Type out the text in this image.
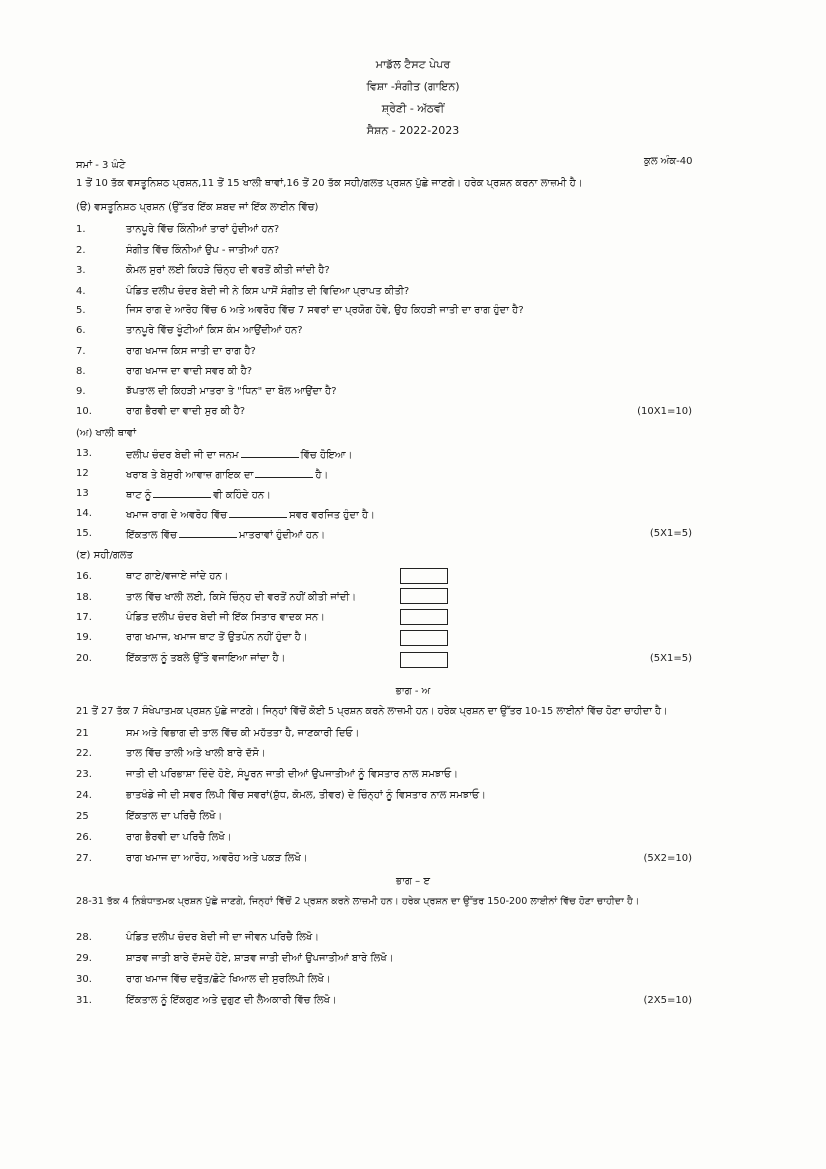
ਮਾਡੱਲ ਟੈਸਟ ਪੇਪਰ
ਵਿਸ਼ਾ -ਸੰਗੀਤ (ਗਾਇਨ)
ਸ਼੍ਰੇਣੀ - ਅੱਠਵੀਂ
ਸੈਸ਼ਨ - 2022-2023
ਸਮਾਂ - 3 ਘੰਟੇ	ਕੁਲ ਅੰਕ-40
1 ਤੋਂ 10 ਤੱਕ ਵਸਤੂਨਿਸ਼ਠ ਪ੍ਰਸ਼ਨ,11 ਤੋਂ 15 ਖਾਲੀ ਥਾਵਾਂ,16 ਤੋਂ 20 ਤੱਕ ਸਹੀ/ਗਲਤ ਪ੍ਰਸ਼ਨ ਪੁੱਛੇ ਜਾਣਗੇ। ਹਰੇਕ ਪ੍ਰਸ਼ਨ ਕਰਨਾ ਲਾਜ਼ਮੀ ਹੈ।
(ੳ) ਵਸਤੂਨਿਸ਼ਠ ਪ੍ਰਸ਼ਨ (ਉੱਤਰ ਇੱਕ ਸ਼ਬਦ ਜਾਂ ਇੱਕ ਲਾਈਨ ਵਿੱਚ)
1.	ਤਾਨਪੂਰੇ ਵਿੱਚ ਕਿੰਨੀਆਂ ਤਾਰਾਂ ਹੁੰਦੀਆਂ ਹਨ?
2.	ਸੰਗੀਤ ਵਿੱਚ ਕਿੰਨੀਆਂ ਉਪ - ਜਾਤੀਆਂ ਹਨ?
3.	ਕੋਮਲ ਸੁਰਾਂ ਲਈ ਕਿਹੜੇ ਚਿੰਨ੍ਹ ਦੀ ਵਰਤੋਂ ਕੀਤੀ ਜਾਂਦੀ ਹੈ?
4.	ਪੰਡਿਤ ਦਲੀਪ ਚੰਦਰ ਬੇਦੀ ਜੀ ਨੇ ਕਿਸ ਪਾਸੋਂ ਸੰਗੀਤ ਦੀ ਵਿਦਿਆ ਪ੍ਰਾਪਤ ਕੀਤੀ?
5.	ਜਿਸ ਰਾਗ ਦੇ ਆਰੋਹ ਵਿੱਚ 6 ਅਤੇ ਅਵਰੋਹ ਵਿੱਚ 7 ਸਵਰਾਂ ਦਾ ਪ੍ਰਯੋਗ ਹੋਵੇ, ਉਹ ਕਿਹੜੀ ਜਾਤੀ ਦਾ ਰਾਗ ਹੁੰਦਾ ਹੈ?
6.	ਤਾਨਪੂਰੇ ਵਿੱਚ ਖੂੰਟੀਆਂ ਕਿਸ ਕੰਮ ਆਉਂਦੀਆਂ ਹਨ?
7.	ਰਾਗ ਖਮਾਜ ਕਿਸ ਜਾਤੀ ਦਾ ਰਾਗ ਹੈ?
8.	ਰਾਗ ਖਮਾਜ ਦਾ ਵਾਦੀ ਸਵਰ ਕੀ ਹੈ?
9.	ਝੱਪਤਾਲ ਦੀ ਕਿਹੜੀ ਮਾਤਰਾ ਤੇ "ਧਿਨ" ਦਾ ਬੋਲ ਆਉਂਦਾ ਹੈ?
10.	ਰਾਗ ਭੈਰਵੀ ਦਾ ਵਾਦੀ ਸੁਰ ਕੀ ਹੈ?	(10X1=10)
(ਅ) ਖਾਲੀ ਥਾਵਾਂ
13.	ਦਲੀਪ ਚੰਦਰ ਬੇਦੀ ਜੀ ਦਾ ਜਨਮ	ਵਿੱਚ ਹੋਇਆ।
12	ਖਰਾਬ ਤੇ ਬੇਸੁਰੀ ਆਵਾਜ਼ ਗਾਇਕ ਦਾ	ਹੈ।
13	ਥਾਟ ਨੂੰ	ਵੀ ਕਹਿੰਦੇ ਹਨ।
14.	ਖਮਾਜ ਰਾਗ ਦੇ ਅਵਰੋਹ ਵਿੱਚ	ਸਵਰ ਵਰਜਿਤ ਹੁੰਦਾ ਹੈ।
15.	ਇੱਕਤਾਲ ਵਿੱਚ	ਮਾਤਰਾਵਾਂ ਹੁੰਦੀਆਂ ਹਨ।	(5X1=5)
(ੲ) ਸਹੀ/ਗਲਤ
16.	ਥਾਟ ਗਾਏ/ਵਜਾਏ ਜਾਂਦੇ ਹਨ।
18.	ਤਾਲ ਵਿੱਚ ਖਾਲੀ ਲਈ, ਕਿਸੇ ਚਿੰਨ੍ਹ ਦੀ ਵਰਤੋਂ ਨਹੀਂ ਕੀਤੀ ਜਾਂਦੀ।
17.	ਪੰਡਿਤ ਦਲੀਪ ਚੰਦਰ ਬੇਦੀ ਜੀ ਇੱਕ ਸਿਤਾਰ ਵਾਦਕ ਸਨ।
19.	ਰਾਗ ਖਮਾਜ, ਖਮਾਜ ਥਾਟ ਤੋਂ ਉਤਪੰਨ ਨਹੀਂ ਹੁੰਦਾ ਹੈ।
20.	ਇੱਕਤਾਲ ਨੂੰ ਤਬਲੇ ਉੱਤੇ ਵਜਾਇਆ ਜਾਂਦਾ ਹੈ।	(5X1=5)
ਭਾਗ - ਅ
21 ਤੋਂ 27 ਤੱਕ 7 ਸੰਖੇਪਾਤਮਕ ਪ੍ਰਸ਼ਨ ਪੁੱਛੇ ਜਾਣਗੇ। ਜਿਨ੍ਹਾਂ ਵਿੱਚੋਂ ਕੋਈ 5 ਪ੍ਰਸ਼ਨ ਕਰਨੇ ਲਾਜ਼ਮੀ ਹਨ। ਹਰੇਕ ਪ੍ਰਸ਼ਨ ਦਾ ਉੱਤਰ 10-15 ਲਾਈਨਾਂ ਵਿੱਚ ਹੋਣਾ ਚਾਹੀਦਾ ਹੈ।
21	ਸਮ ਅਤੇ ਵਿਭਾਗ ਦੀ ਤਾਲ ਵਿੱਚ ਕੀ ਮਹੱਤਤਾ ਹੈ, ਜਾਣਕਾਰੀ ਦਿਓ।
22.	ਤਾਲ ਵਿੱਚ ਤਾਲੀ ਅਤੇ ਖਾਲੀ ਬਾਰੇ ਦੱਸੋ।
23.	ਜਾਤੀ ਦੀ ਪਰਿਭਾਸ਼ਾ ਦਿੰਦੇ ਹੋਏ, ਸੰਪੂਰਨ ਜਾਤੀ ਦੀਆਂ ਉਪਜਾਤੀਆਂ ਨੂੰ ਵਿਸਤਾਰ ਨਾਲ ਸਮਝਾਓ।
24.	ਭਾਤਖੰਡੇ ਜੀ ਦੀ ਸਵਰ ਲਿਪੀ ਵਿੱਚ ਸਵਰਾਂ(ਸ਼ੁੱਧ, ਕੋਮਲ, ਤੀਵਰ) ਦੇ ਚਿੰਨ੍ਹਾਂ ਨੂੰ ਵਿਸਤਾਰ ਨਾਲ ਸਮਝਾਓ।
25	ਇੱਕਤਾਲ ਦਾ ਪਰਿਚੈ ਲਿਖੋ।
26.	ਰਾਗ ਭੈਰਵੀ ਦਾ ਪਰਿਚੈ ਲਿਖੋ।
27.	ਰਾਗ ਖਮਾਜ ਦਾ ਆਰੋਹ, ਅਵਰੋਹ ਅਤੇ ਪਕੜ ਲਿਖੋ।	(5X2=10)
ਭਾਗ – ੲ
28-31 ਤੱਕ 4 ਨਿਬੰਧਾਤਮਕ ਪ੍ਰਸ਼ਨ ਪੁੱਛੇ ਜਾਣਗੇ, ਜਿਨ੍ਹਾਂ ਵਿੱਚੋਂ 2 ਪ੍ਰਸ਼ਨ ਕਰਨੇ ਲਾਜ਼ਮੀ ਹਨ। ਹਰੇਕ ਪ੍ਰਸ਼ਨ ਦਾ ਉੱਤਰ 150-200 ਲਾਈਨਾਂ ਵਿੱਚ ਹੋਣਾ ਚਾਹੀਦਾ ਹੈ।
28.	ਪੰਡਿਤ ਦਲੀਪ ਚੰਦਰ ਬੇਦੀ ਜੀ ਦਾ ਜੀਵਨ ਪਰਿਚੈ ਲਿਖੋ।
29.	ਸ਼ਾੜਵ ਜਾਤੀ ਬਾਰੇ ਦੱਸਦੇ ਹੋਏ, ਸ਼ਾੜਵ ਜਾਤੀ ਦੀਆਂ ਉਪਜਾਤੀਆਂ ਬਾਰੇ ਲਿਖੋ।
30.	ਰਾਗ ਖਮਾਜ ਵਿੱਚ ਦਰੁੱਤ/ਛੋਟੇ ਖਿਆਲ ਦੀ ਸੁਰਲਿਪੀ ਲਿਖੋ।
31.	ਇੱਕਤਾਲ ਨੂੰ ਇੱਕਗੁਣ ਅਤੇ ਦੁਗੁਣ ਦੀ ਲੈਅਕਾਰੀ ਵਿੱਚ ਲਿਖੋ।	(2X5=10)
